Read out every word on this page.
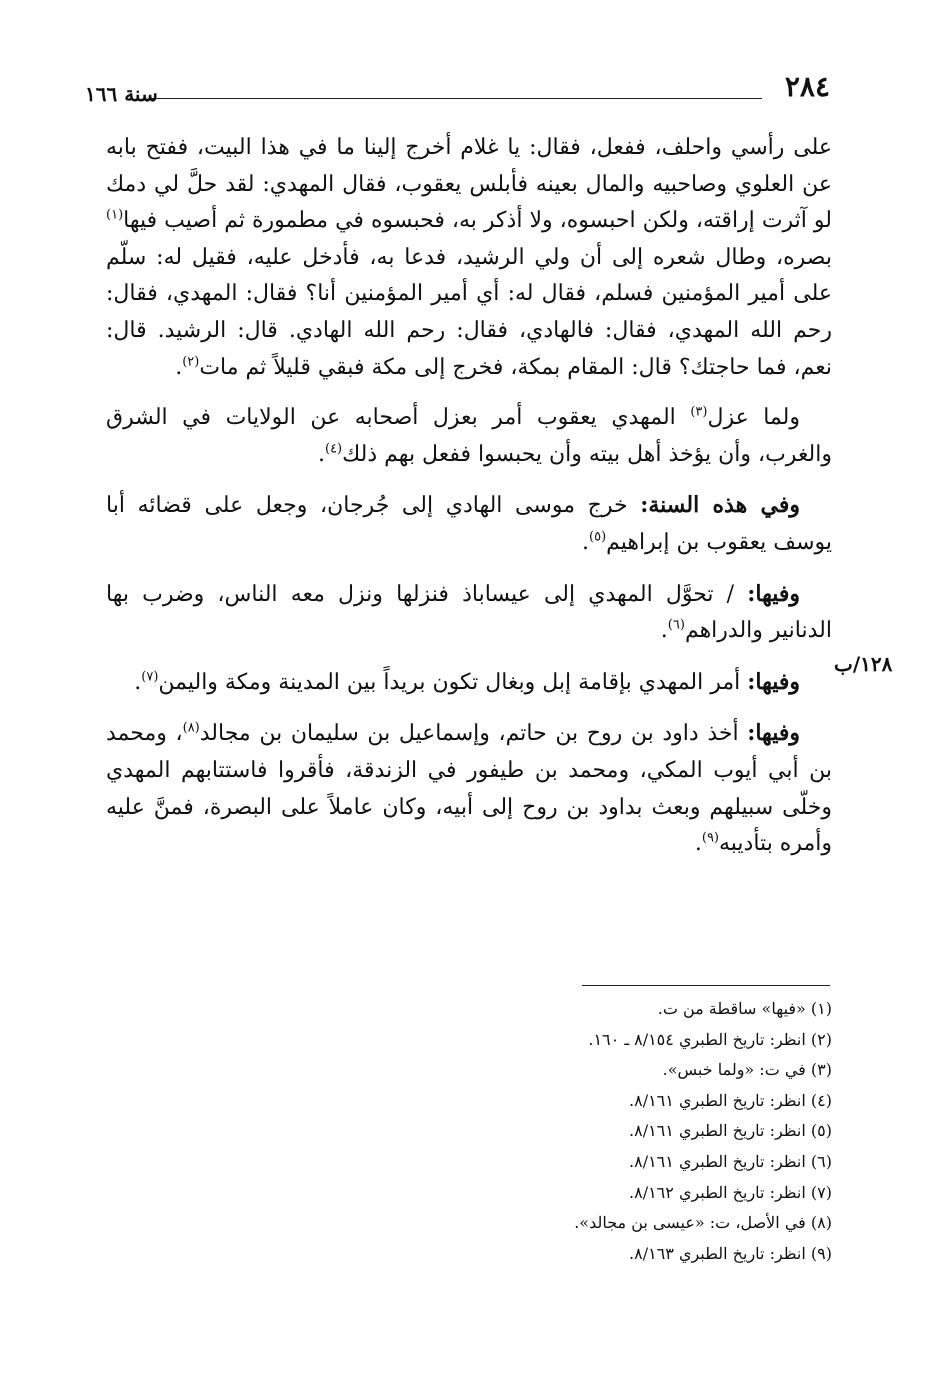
٢٨٤
سنة ١٦٦
١٢٨/ب

على رأسي واحلف، ففعل، فقال: يا غلام أخرج إلينا ما في هذا البيت، ففتح بابه عن العلوي وصاحبيه والمال بعينه فأبلس يعقوب، فقال المهدي: لقد حلَّ لي دمك لو آثرت إراقته، ولكن احبسوه، ولا أذكر به، فحبسوه في مطمورة ثم أصيب فيها$^{(١)}$ بصره، وطال شعره إلى أن ولي الرشيد، فدعا به، فأدخل عليه، فقيل له: سلّم على أمير المؤمنين فسلم، فقال له: أي أمير المؤمنين أنا؟ فقال: المهدي، فقال: رحم الله المهدي، فقال: فالهادي، فقال: رحم الله الهادي. قال: الرشيد. قال: نعم، فما حاجتك؟ قال: المقام بمكة، فخرج إلى مكة فبقي قليلاً ثم مات$^{(٢)}$.

ولما عزل$^{(٣)}$ المهدي يعقوب أمر بعزل أصحابه عن الولايات في الشرق والغرب، وأن يؤخذ أهل بيته وأن يحبسوا ففعل بهم ذلك$^{(٤)}$.

وفي هذه السنة: خرج موسى الهادي إلى جُرجان، وجعل على قضائه أبا يوسف يعقوب بن إبراهيم$^{(٥)}$.

وفيها: / تحوَّل المهدي إلى عيساباذ فنزلها ونزل معه الناس، وضرب بها الدنانير والدراهم$^{(٦)}$.

وفيها: أمر المهدي بإقامة إبل وبغال تكون بريداً بين المدينة ومكة واليمن$^{(٧)}$.

وفيها: أخذ داود بن روح بن حاتم، وإسماعيل بن سليمان بن مجالد$^{(٨)}$، ومحمد بن أبي أيوب المكي، ومحمد بن طيفور في الزندقة، فأقروا فاستتابهم المهدي وخلّى سبيلهم وبعث بداود بن روح إلى أبيه، وكان عاملاً على البصرة، فمنَّ عليه وأمره بتأديبه$^{(٩)}$.

(١) «فيها» ساقطة من ت.
(٢) انظر: تاريخ الطبري ٨/١٥٤ ـ ١٦٠.
(٣) في ت: «ولما خبس».
(٤) انظر: تاريخ الطبري ٨/١٦١.
(٥) انظر: تاريخ الطبري ٨/١٦١.
(٦) انظر: تاريخ الطبري ٨/١٦١.
(٧) انظر: تاريخ الطبري ٨/١٦٢.
(٨) في الأصل، ت: «عيسى بن مجالد».
(٩) انظر: تاريخ الطبري ٨/١٦٣.
